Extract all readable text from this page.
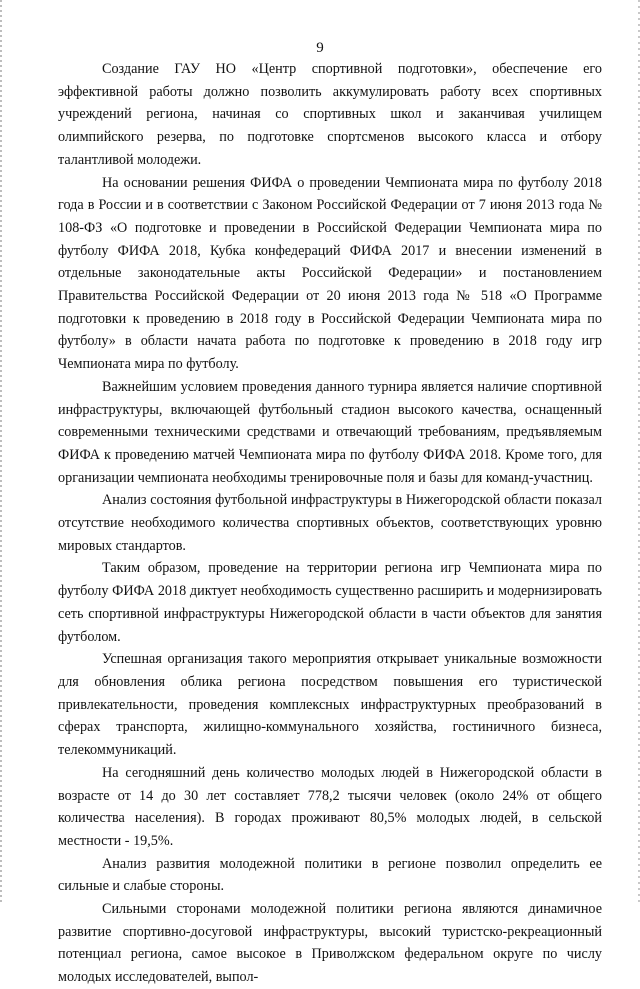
9

Создание ГАУ НО «Центр спортивной подготовки», обеспечение его эффективной работы должно позволить аккумулировать работу всех спортивных учреждений региона, начиная со спортивных школ и заканчивая училищем олимпийского резерва, по подготовке спортсменов высокого класса и отбору талантливой молодежи.

На основании решения ФИФА о проведении Чемпионата мира по футболу 2018 года в России и в соответствии с Законом Российской Федерации от 7 июня 2013 года № 108-ФЗ «О подготовке и проведении в Российской Федерации Чемпионата мира по футболу ФИФА 2018, Кубка конфедераций ФИФА 2017 и внесении изменений в отдельные законодательные акты Российской Федерации» и постановлением Правительства Российской Федерации от 20 июня 2013 года № 518 «О Программе подготовки к проведению в 2018 году в Российской Федерации Чемпионата мира по футболу» в области начата работа по подготовке к проведению в 2018 году игр Чемпионата мира по футболу.

Важнейшим условием проведения данного турнира является наличие спортивной инфраструктуры, включающей футбольный стадион высокого качества, оснащенный современными техническими средствами и отвечающий требованиям, предъявляемым ФИФА к проведению матчей Чемпионата мира по футболу ФИФА 2018. Кроме того, для организации чемпионата необходимы тренировочные поля и базы для команд-участниц.

Анализ состояния футбольной инфраструктуры в Нижегородской области показал отсутствие необходимого количества спортивных объектов, соответствующих уровню мировых стандартов.

Таким образом, проведение на территории региона игр Чемпионата мира по футболу ФИФА 2018 диктует необходимость существенно расширить и модернизировать сеть спортивной инфраструктуры Нижегородской области в части объектов для занятия футболом.

Успешная организация такого мероприятия открывает уникальные возможности для обновления облика региона посредством повышения его туристической привлекательности, проведения комплексных инфраструктурных преобразований в сферах транспорта, жилищно-коммунального хозяйства, гостиничного бизнеса, телекоммуникаций.

На сегодняшний день количество молодых людей в Нижегородской области в возрасте от 14 до 30 лет составляет 778,2 тысячи человек (около 24% от общего количества населения). В городах проживают 80,5% молодых людей, в сельской местности - 19,5%.

Анализ развития молодежной политики в регионе позволил определить ее сильные и слабые стороны.

Сильными сторонами молодежной политики региона являются динамичное развитие спортивно-досуговой инфраструктуры, высокий туристско-рекреационный потенциал региона, самое высокое в Приволжском федеральном округе по числу молодых исследователей, выпол-
